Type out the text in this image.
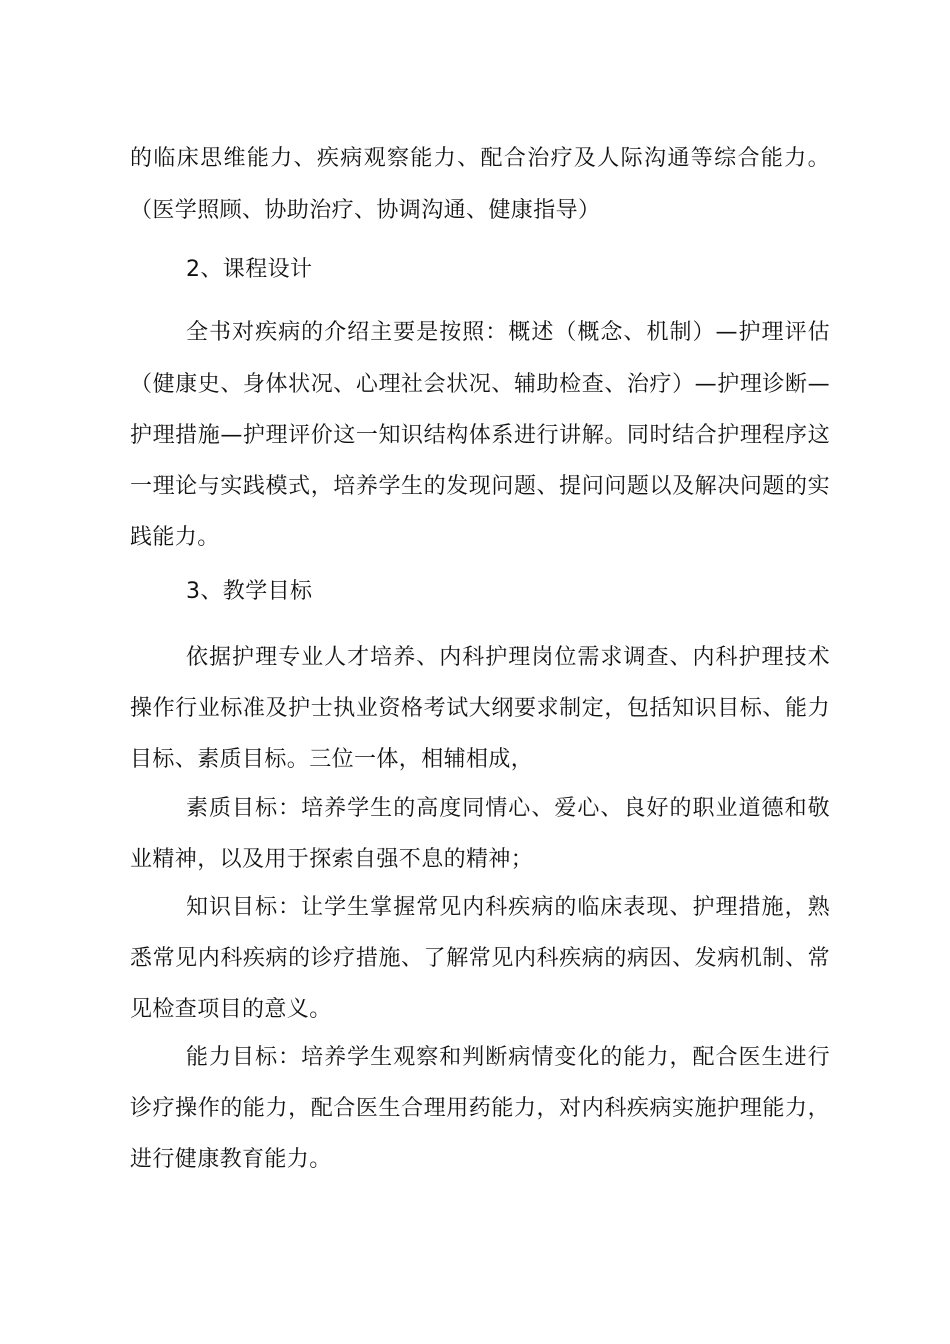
的临床思维能力、疾病观察能力、配合治疗及人际沟通等综合能力。
（医学照顾、协助治疗、协调沟通、健康指导）
2、课程设计
全书对疾病的介绍主要是按照：概述（概念、机制）—护理评估
（健康史、身体状况、心理社会状况、辅助检查、治疗）—护理诊断—
护理措施—护理评价这一知识结构体系进行讲解。同时结合护理程序这
一理论与实践模式，培养学生的发现问题、提问问题以及解决问题的实
践能力。
3、教学目标
依据护理专业人才培养、内科护理岗位需求调查、内科护理技术
操作行业标准及护士执业资格考试大纲要求制定，包括知识目标、能力
目标、素质目标。三位一体，相辅相成，
素质目标：培养学生的高度同情心、爱心、良好的职业道德和敬
业精神，以及用于探索自强不息的精神；
知识目标：让学生掌握常见内科疾病的临床表现、护理措施，熟
悉常见内科疾病的诊疗措施、了解常见内科疾病的病因、发病机制、常
见检查项目的意义。
能力目标：培养学生观察和判断病情变化的能力，配合医生进行
诊疗操作的能力，配合医生合理用药能力，对内科疾病实施护理能力，
进行健康教育能力。
